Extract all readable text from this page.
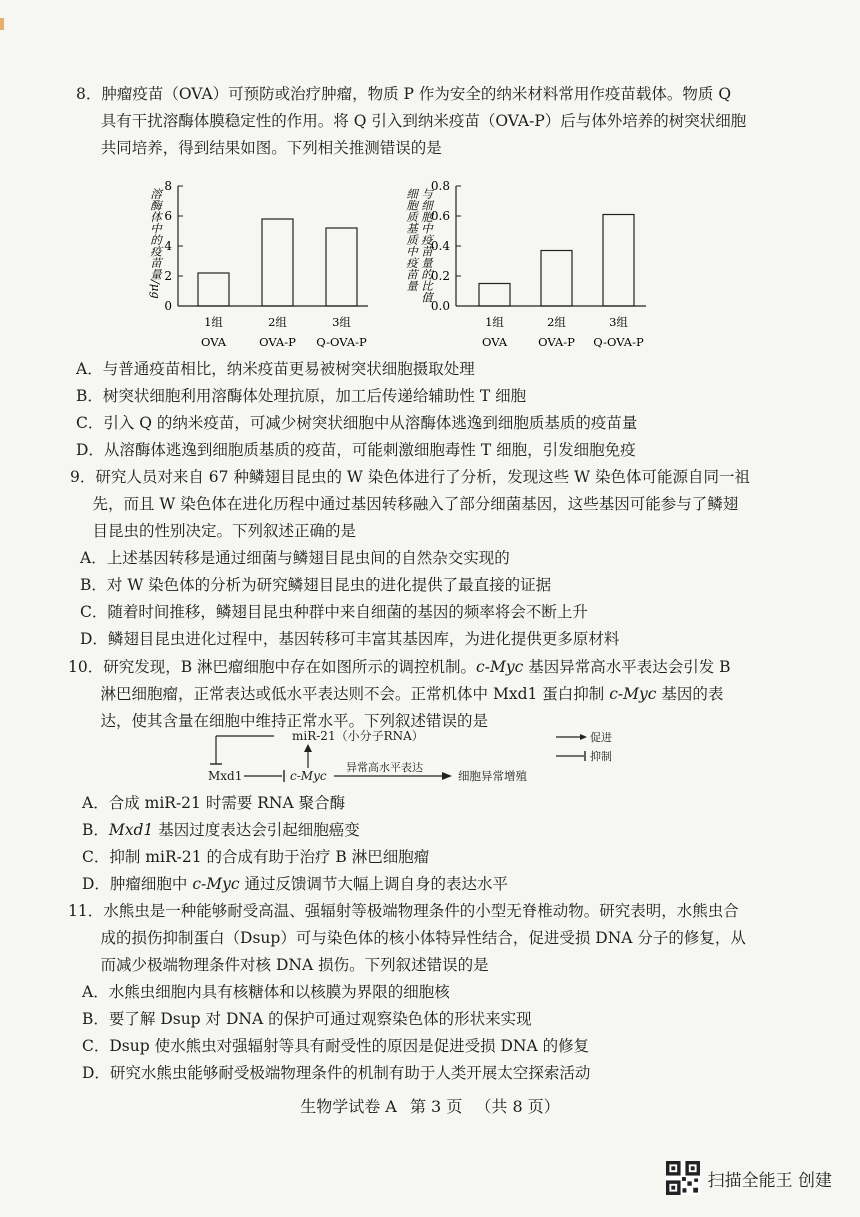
8．肿瘤疫苗（OVA）可预防或治疗肿瘤，物质 P 作为安全的纳米材料常用作疫苗载体。物质 Q 具有干扰溶酶体膜稳定性的作用。将 Q 引入到纳米疫苗（OVA-P）后与体外培养的树突状细胞共同培养，得到结果如图。下列相关推测错误的是

0
2
4
6
8
1组
OVA
2组
OVA-P
3组
Q-OVA-P
溶酶体中的疫苗量/μg
0.0
0.2
0.4
0.6
0.8
1组
OVA
2组
OVA-P
3组
Q-OVA-P
细胞质基质中疫苗量 与细胞中疫苗量的比值

A．与普通疫苗相比，纳米疫苗更易被树突状细胞摄取处理

B．树突状细胞利用溶酶体处理抗原，加工后传递给辅助性 T 细胞

C．引入 Q 的纳米疫苗，可减少树突状细胞中从溶酶体逃逸到细胞质基质的疫苗量

D．从溶酶体逃逸到细胞质基质的疫苗，可能刺激细胞毒性 T 细胞，引发细胞免疫

9．研究人员对来自 67 种鳞翅目昆虫的 W 染色体进行了分析，发现这些 W 染色体可能源自同一祖先，而且 W 染色体在进化历程中通过基因转移融入了部分细菌基因，这些基因可能参与了鳞翅目昆虫的性别决定。下列叙述正确的是

A．上述基因转移是通过细菌与鳞翅目昆虫间的自然杂交实现的

B．对 W 染色体的分析为研究鳞翅目昆虫的进化提供了最直接的证据

C．随着时间推移，鳞翅目昆虫种群中来自细菌的基因的频率将会不断上升

D．鳞翅目昆虫进化过程中，基因转移可丰富其基因库，为进化提供更多原材料

10．研究发现，B 淋巴瘤细胞中存在如图所示的调控机制。c-Myc 基因异常高水平表达会引发 B 淋巴细胞瘤，正常表达或低水平表达则不会。正常机体中 Mxd1 蛋白抑制 c-Myc 基因的表达，使其含量在细胞中维持正常水平。下列叙述错误的是

miR-21（小分子RNA）
Mxd1	c-Myc
异常高水平表达
细胞异常增殖
促进
抑制

A．合成 miR-21 时需要 RNA 聚合酶

B．Mxd1 基因过度表达会引起细胞癌变

C．抑制 miR-21 的合成有助于治疗 B 淋巴细胞瘤

D．肿瘤细胞中 c-Myc 通过反馈调节大幅上调自身的表达水平

11．水熊虫是一种能够耐受高温、强辐射等极端物理条件的小型无脊椎动物。研究表明，水熊虫合成的损伤抑制蛋白（Dsup）可与染色体的核小体特异性结合，促进受损 DNA 分子的修复，从而减少极端物理条件对核 DNA 损伤。下列叙述错误的是

A．水熊虫细胞内具有核糖体和以核膜为界限的细胞核

B．要了解 Dsup 对 DNA 的保护可通过观察染色体的形状来实现

C．Dsup 使水熊虫对强辐射等具有耐受性的原因是促进受损 DNA 的修复

D．研究水熊虫能够耐受极端物理条件的机制有助于人类开展太空探索活动

生物学试卷 A 第 3 页 （共 8 页）
扫描全能王 创建
